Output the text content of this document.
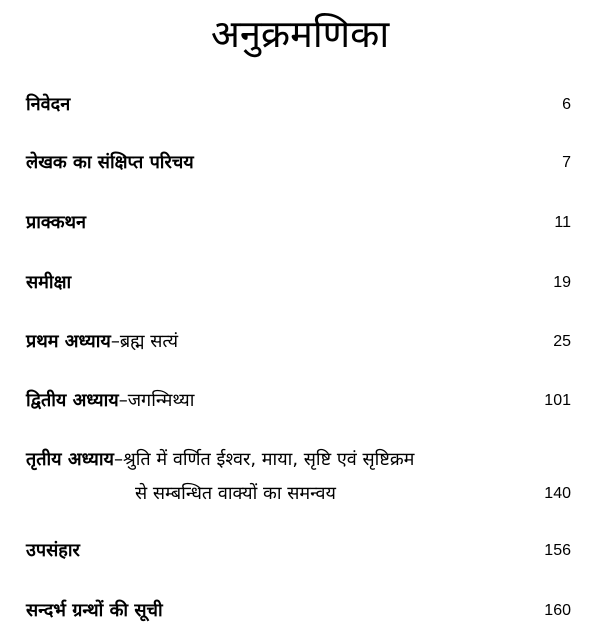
अनुक्रमणिका
निवेदन	6
लेखक का संक्षिप्त परिचय	7
प्राक्कथन	11
समीक्षा	19
प्रथम अध्याय–ब्रह्म सत्यं	25
द्वितीय अध्याय–जगन्मिथ्या	101
तृतीय अध्याय–श्रुति में वर्णित ईश्वर, माया, सृष्टि एवं सृष्टिक्रम
से सम्बन्धित वाक्यों का समन्वय	140
उपसंहार	156
सन्दर्भ ग्रन्थों की सूची	160
